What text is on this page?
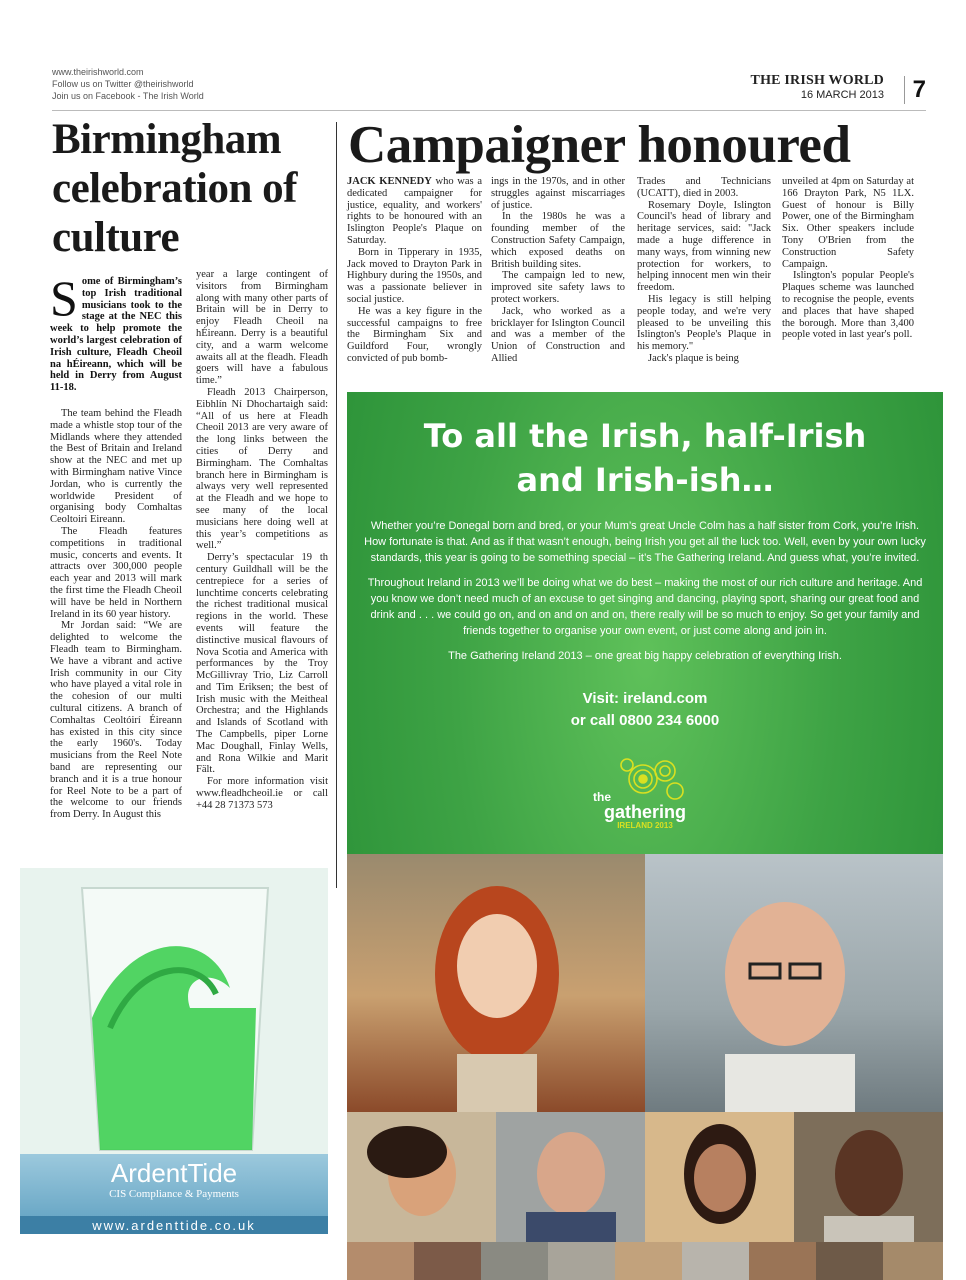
www.theirishworld.com
Follow us on Twitter @theirishworld
Join us on Facebook - The Irish World
THE IRISH WORLD
16 MARCH 2013	7
Birmingham celebration of culture
Some of Birmingham’s top Irish traditional musicians took to the stage at the NEC this week to help promote the world’s largest celebration of Irish culture, Fleadh Cheoil na hÉireann, which will be held in Derry from August 11-18.

The team behind the Fleadh made a whistle stop tour of the Midlands where they attended the Best of Britain and Ireland show at the NEC and met up with Birmingham native Vince Jordan, who is currently the worldwide President of organising body Comhaltas Ceoltoiri Eireann.

The Fleadh features competitions in traditional music, concerts and events. It attracts over 300,000 people each year and 2013 will mark the first time the Fleadh Cheoil will have be held in Northern Ireland in its 60 year history.

Mr Jordan said: “We are delighted to welcome the Fleadh team to Birmingham. We have a vibrant and active Irish community in our City who have played a vital role in the cohesion of our multi cultural citizens. A branch of Comhaltas Ceoltóirí Éireann has existed in this city since the early 1960's. Today musicians from the Reel Note band are representing our branch and it is a true honour for Reel Note to be a part of the welcome to our friends from Derry. In August this

year a large contingent of visitors from Birmingham along with many other parts of Britain will be in Derry to enjoy Fleadh Cheoil na hÉireann. Derry is a beautiful city, and a warm welcome awaits all at the fleadh. Fleadh goers will have a fabulous time.”

Fleadh 2013 Chairperson, Eibhlín Ní Dhochartaigh said: “All of us here at Fleadh Cheoil 2013 are very aware of the long links between the cities of Derry and Birmingham. The Comhaltas branch here in Birmingham is always very well represented at the Fleadh and we hope to see many of the local musicians here doing well at this year’s competitions as well.”

Derry’s spectacular 19 th century Guildhall will be the centrepiece for a series of lunchtime concerts celebrating the richest traditional musical regions in the world. These events will feature the distinctive musical flavours of Nova Scotia and America with performances by the Troy McGillivray Trio, Liz Carroll and Tim Eriksen; the best of Irish music with the Meitheal Orchestra; and the Highlands and Islands of Scotland with The Campbells, piper Lorne Mac Doughall, Finlay Wells, and Rona Wilkie and Marit Fält.

For more information visit www.fleadhcheoil.ie or call +44 28 71373 573

Campaigner honoured

JACK KENNEDY who was a dedicated campaigner for justice, equality, and workers' rights to be honoured with an Islington People's Plaque on Saturday.

Born in Tipperary in 1935, Jack moved to Drayton Park in Highbury during the 1950s, and was a passionate believer in social justice.

He was a key figure in the successful campaigns to free the Birmingham Six and Guildford Four, wrongly convicted of pub bomb-

ings in the 1970s, and in other struggles against miscarriages of justice.

In the 1980s he was a founding member of the Construction Safety Campaign, which exposed deaths on British building sites.

The campaign led to new, improved site safety laws to protect workers.

Jack, who worked as a bricklayer for Islington Council and was a member of the Union of Construction and Allied

Trades and Technicians (UCATT), died in 2003.

Rosemary Doyle, Islington Council's head of library and heritage services, said: "Jack made a huge difference in many ways, from winning new protection for workers, to helping innocent men win their freedom.

His legacy is still helping people today, and we're very pleased to be unveiling this Islington's People's Plaque in his memory."

Jack's plaque is being

unveiled at 4pm on Saturday at 166 Drayton Park, N5 1LX. Guest of honour is Billy Power, one of the Birmingham Six. Other speakers include Tony O'Brien from the Construction Safety Campaign.

Islington's popular People's Plaques scheme was launched to recognise the people, events and places that have shaped the borough. More than 3,400 people voted in last year's poll.

To all the Irish, half-Irish
and Irish-ish…

Whether you’re Donegal born and bred, or your Mum’s great Uncle Colm has a half sister from Cork, you’re Irish. How fortunate is that. And as if that wasn’t enough, being Irish you get all the luck too. Well, even by your own lucky standards, this year is going to be something special – it’s The Gathering Ireland. And guess what, you’re invited.

Throughout Ireland in 2013 we’ll be doing what we do best – making the most of our rich culture and heritage. And you know we don’t need much of an excuse to get singing and dancing, playing sport, sharing our great food and drink and . . . we could go on, and on and on and on, there really will be so much to enjoy. So get your family and friends together to organise your own event, or just come along and join in.

The Gathering Ireland 2013 – one great big happy celebration of everything Irish.

Visit: ireland.com
or call 0800 234 6000
the
gathering
IRELAND 2013
ArdentTide
CIS Compliance & Payments
www.ardenttide.co.uk
